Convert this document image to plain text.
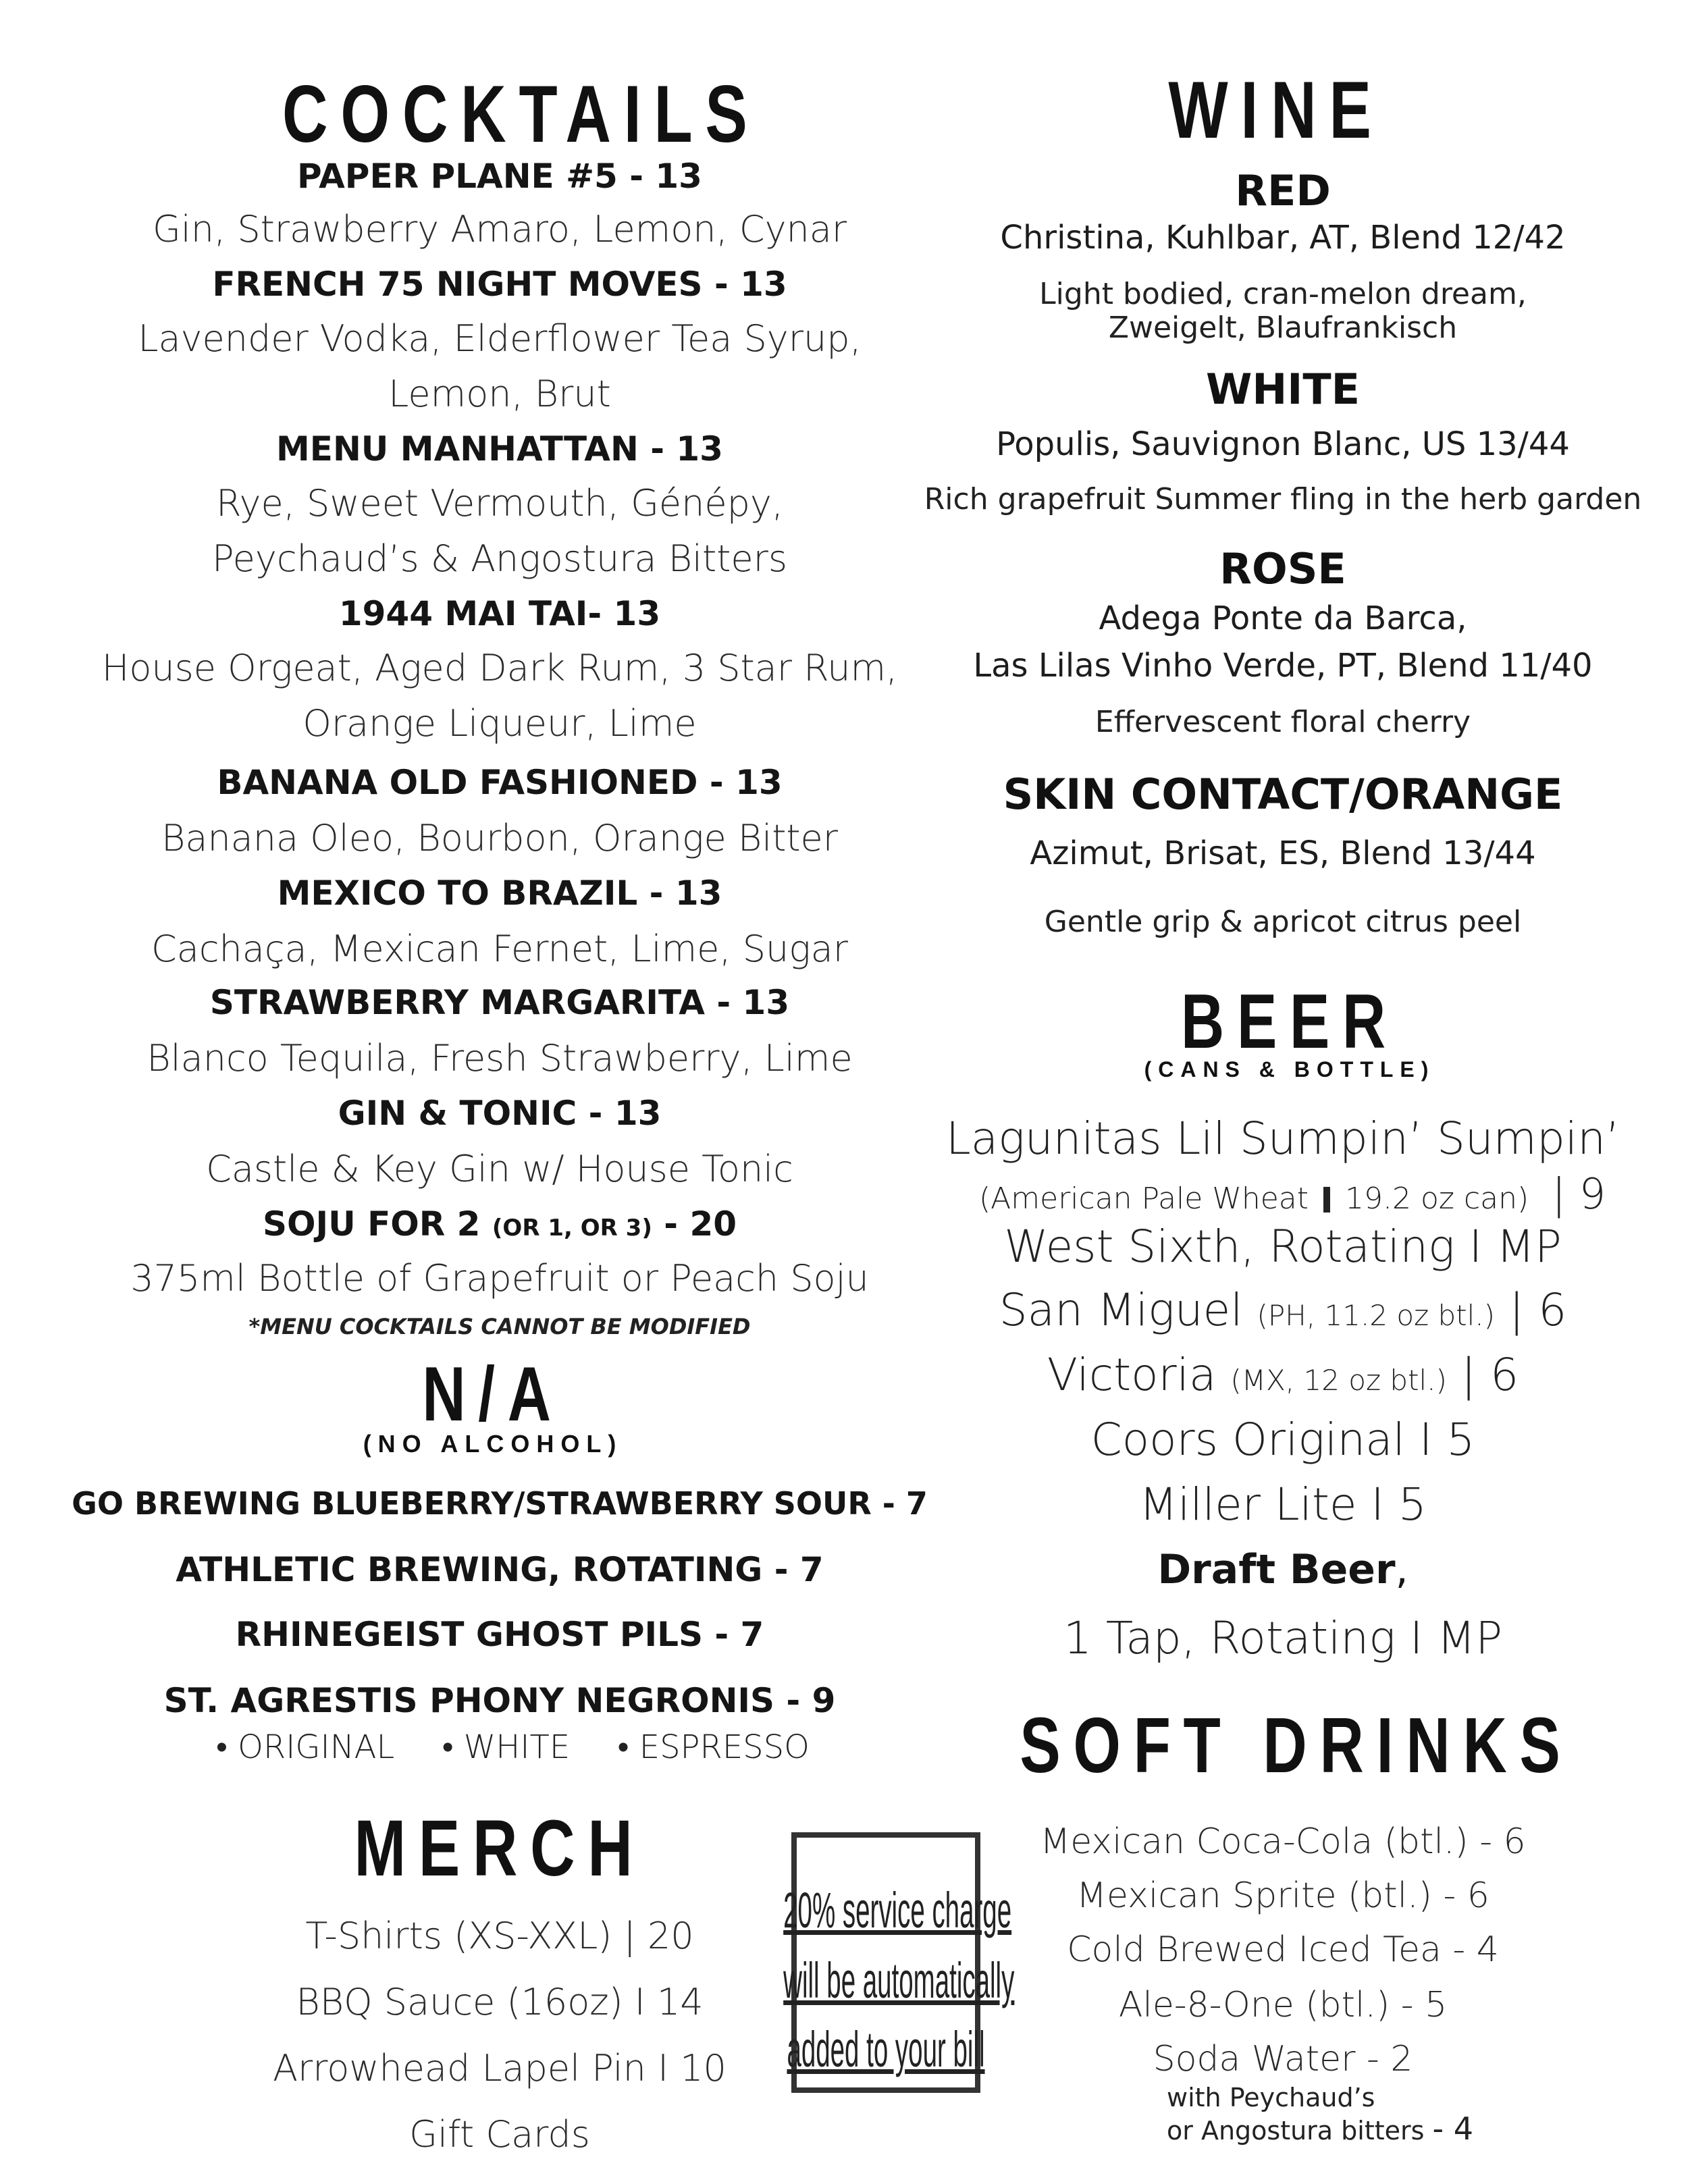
COCKTAILS
PAPER PLANE #5 - 13
Gin, Strawberry Amaro, Lemon, Cynar
FRENCH 75 NIGHT MOVES - 13
Lavender Vodka, Elderflower Tea Syrup,
Lemon, Brut
MENU MANHATTAN - 13
Rye, Sweet Vermouth, Génépy,
Peychaud’s & Angostura Bitters
1944 MAI TAI- 13
House Orgeat, Aged Dark Rum, 3 Star Rum,
Orange Liqueur, Lime
BANANA OLD FASHIONED - 13
Banana Oleo, Bourbon, Orange Bitter
MEXICO TO BRAZIL - 13
Cachaça, Mexican Fernet, Lime, Sugar
STRAWBERRY MARGARITA - 13
Blanco Tequila, Fresh Strawberry, Lime
GIN & TONIC - 13
Castle & Key Gin w/ House Tonic
SOJU FOR 2 (OR 1, OR 3) - 20
375ml Bottle of Grapefruit or Peach Soju
*MENU COCKTAILS CANNOT BE MODIFIED
N/A
(NO ALCOHOL)
GO BREWING BLUEBERRY/STRAWBERRY SOUR - 7
ATHLETIC BREWING, ROTATING - 7
RHINEGEIST GHOST PILS - 7
ST. AGRESTIS PHONY NEGRONIS - 9
• ORIGINAL • WHITE • ESPRESSO
MERCH
T-Shirts (XS-XXL) | 20
BBQ Sauce (16oz) I 14
Arrowhead Lapel Pin I 10
Gift Cards
20% service charge
will be automatically
added to your bill
WINE
RED
Christina, Kuhlbar, AT, Blend 12/42
Light bodied, cran-melon dream,
Zweigelt, Blaufrankisch
WHITE
Populis, Sauvignon Blanc, US 13/44
Rich grapefruit Summer fling in the herb garden
ROSE
Adega Ponte da Barca,
Las Lilas Vinho Verde, PT, Blend 11/40
Effervescent floral cherry
SKIN CONTACT/ORANGE
Azimut, Brisat, ES, Blend 13/44
Gentle grip & apricot citrus peel
BEER
(CANS & BOTTLE)
Lagunitas Lil Sumpin’ Sumpin’
(American Pale Wheat 19.2 oz can) | 9
West Sixth, Rotating I MP
San Miguel (PH, 11.2 oz btl.) | 6
Victoria (MX, 12 oz btl.) | 6
Coors Original I 5
Miller Lite I 5
Draft Beer,
1 Tap, Rotating I MP
SOFT DRINKS
Mexican Coca-Cola (btl.) - 6
Mexican Sprite (btl.) - 6
Cold Brewed Iced Tea - 4
Ale-8-One (btl.) - 5
Soda Water - 2
with Peychaud’s
or Angostura bitters - 4
